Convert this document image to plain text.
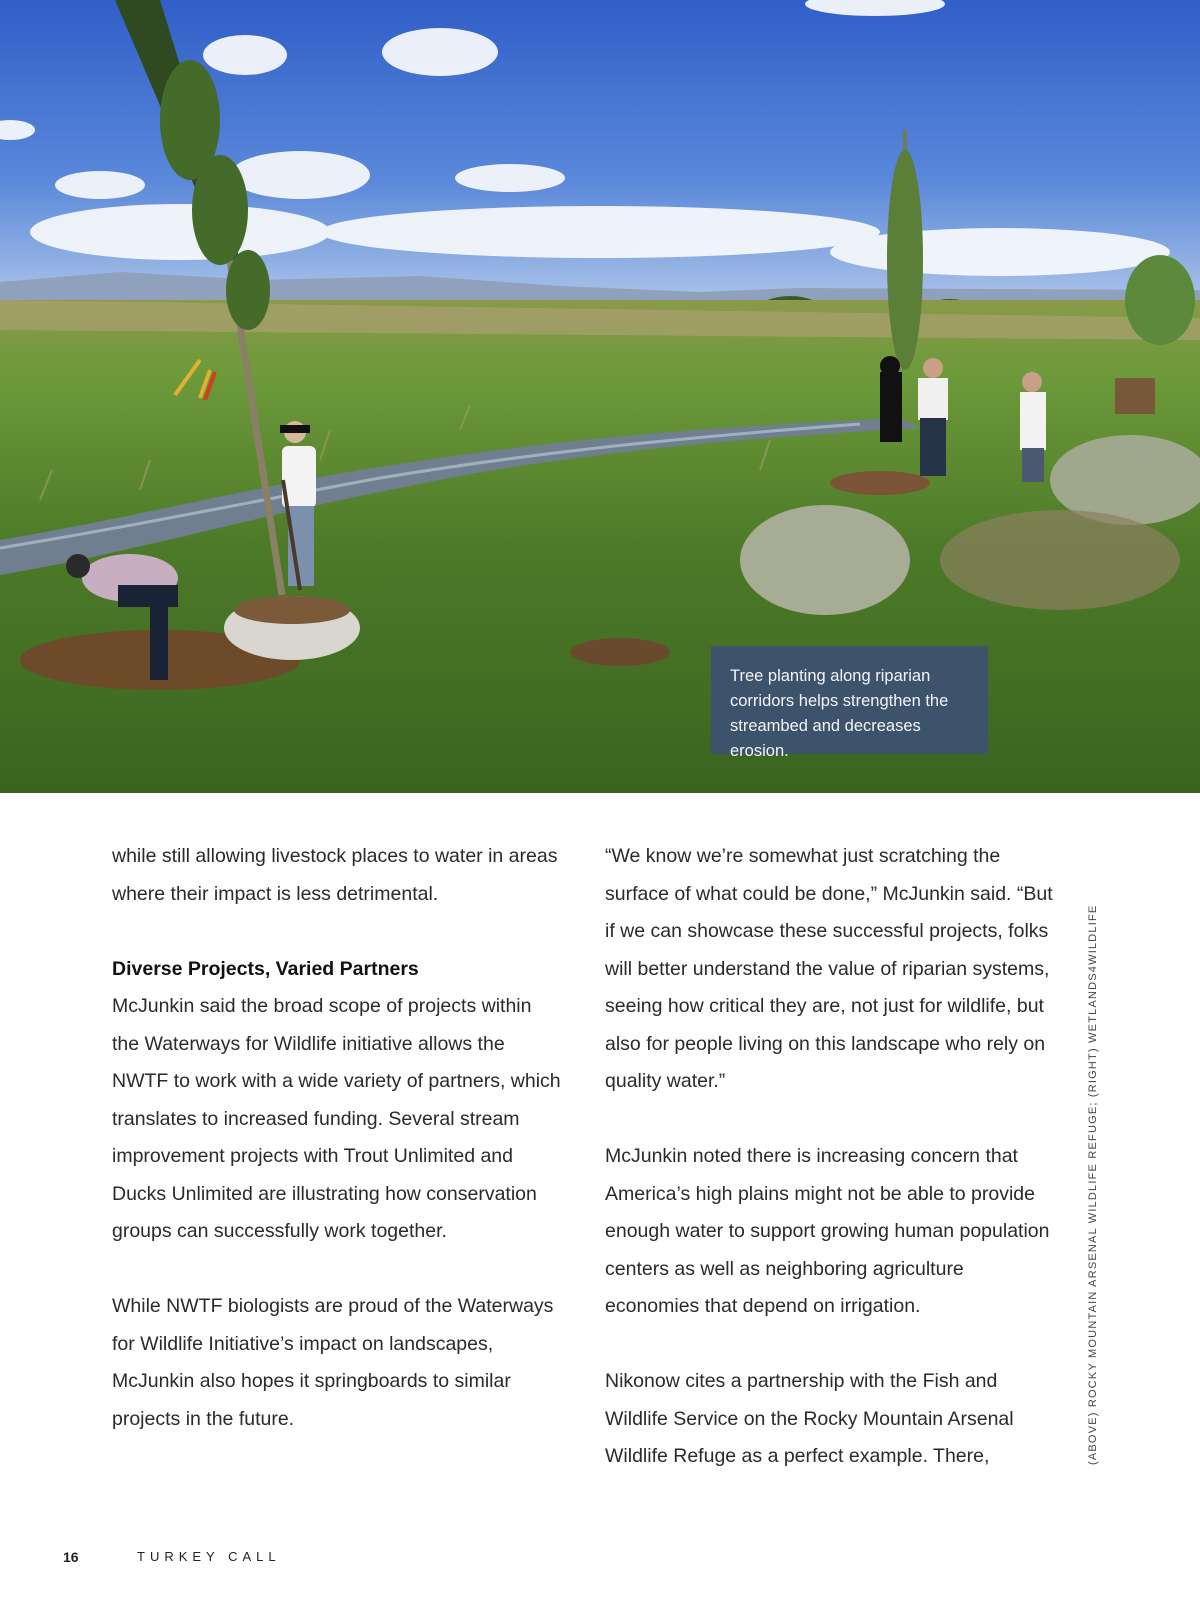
Tree planting along riparian corridors helps strengthen the streambed and decreases erosion.

while still allowing livestock places to water in areas where their impact is less detrimental.

Diverse Projects, Varied Partners
McJunkin said the broad scope of projects within the Waterways for Wildlife initiative allows the NWTF to work with a wide variety of partners, which translates to increased funding. Several stream improvement projects with Trout Unlimited and Ducks Unlimited are illustrating how conservation groups can successfully work together.

While NWTF biologists are proud of the Waterways for Wildlife Initiative’s impact on landscapes, McJunkin also hopes it springboards to similar projects in the future.

“We know we’re somewhat just scratching the surface of what could be done,” McJunkin said. “But if we can showcase these successful projects, folks will better understand the value of riparian systems, seeing how critical they are, not just for wildlife, but also for people living on this landscape who rely on quality water.”

McJunkin noted there is increasing concern that America’s high plains might not be able to provide enough water to support growing human population centers as well as neighboring agriculture economies that depend on irrigation.

Nikonow cites a partnership with the Fish and Wildlife Service on the Rocky Mountain Arsenal Wildlife Refuge as a perfect example. There,	(ABOVE) ROCKY MOUNTAIN ARSENAL WILDLIFE REFUGE; (RIGHT) WETLANDS4WILDLIFE
16	TURKEY CALL
